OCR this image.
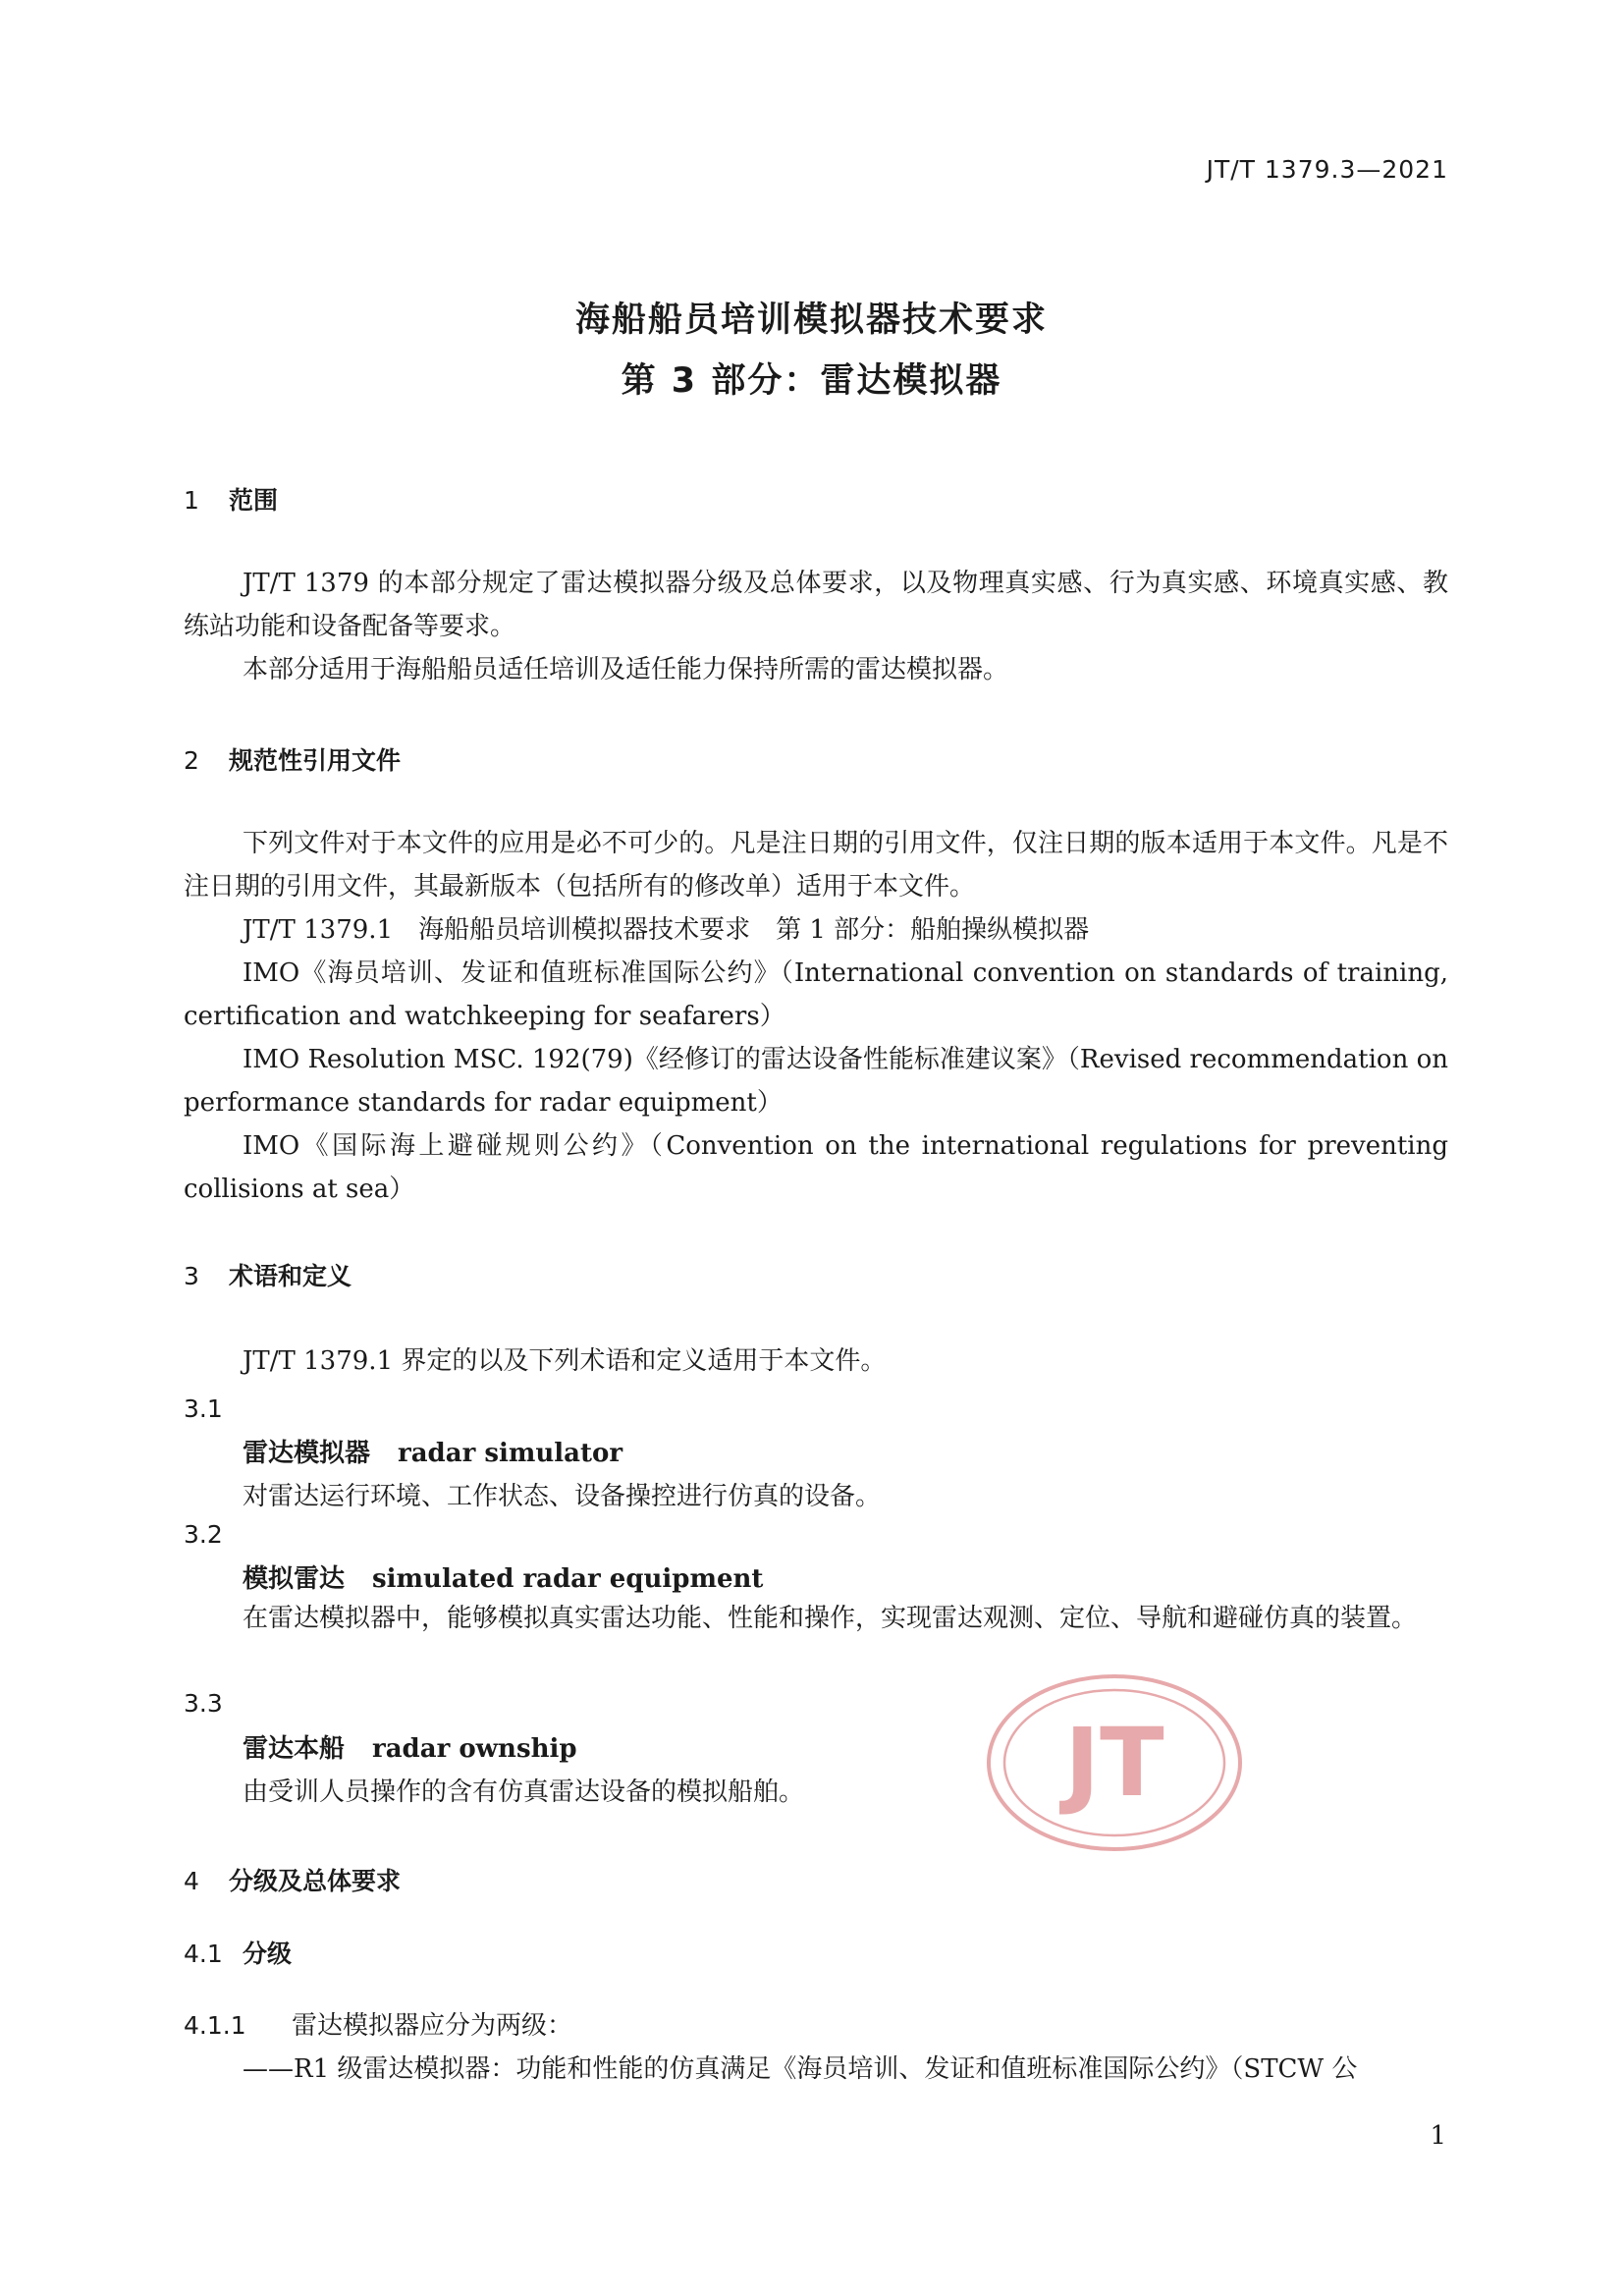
JT/T 1379.3—2021
海船船员培训模拟器技术要求
第 3 部分：雷达模拟器
1 范围
JT/T 1379 的本部分规定了雷达模拟器分级及总体要求，以及物理真实感、行为真实感、环境真实感、教练站功能和设备配备等要求。
本部分适用于海船船员适任培训及适任能力保持所需的雷达模拟器。
2 规范性引用文件
下列文件对于本文件的应用是必不可少的。凡是注日期的引用文件，仅注日期的版本适用于本文件。凡是不注日期的引用文件，其最新版本（包括所有的修改单）适用于本文件。
JT/T 1379.1　海船船员培训模拟器技术要求　第 1 部分：船舶操纵模拟器
IMO《海员培训、发证和值班标准国际公约》（International convention on standards of training, certification and watchkeeping for seafarers）
IMO Resolution MSC. 192(79)《经修订的雷达设备性能标准建议案》（Revised recommendation on performance standards for radar equipment）
IMO《国际海上避碰规则公约》（Convention on the international regulations for preventing collisions at sea）
3 术语和定义
JT/T 1379.1 界定的以及下列术语和定义适用于本文件。
3.1
雷达模拟器 radar simulator
对雷达运行环境、工作状态、设备操控进行仿真的设备。
3.2
模拟雷达 simulated radar equipment
在雷达模拟器中，能够模拟真实雷达功能、性能和操作，实现雷达观测、定位、导航和避碰仿真的装置。
3.3
雷达本船 radar ownship
由受训人员操作的含有仿真雷达设备的模拟船舶。
4 分级及总体要求
4.1 分级
4.1.1 雷达模拟器应分为两级：
——R1 级雷达模拟器：功能和性能的仿真满足《海员培训、发证和值班标准国际公约》（STCW 公
JT
1
